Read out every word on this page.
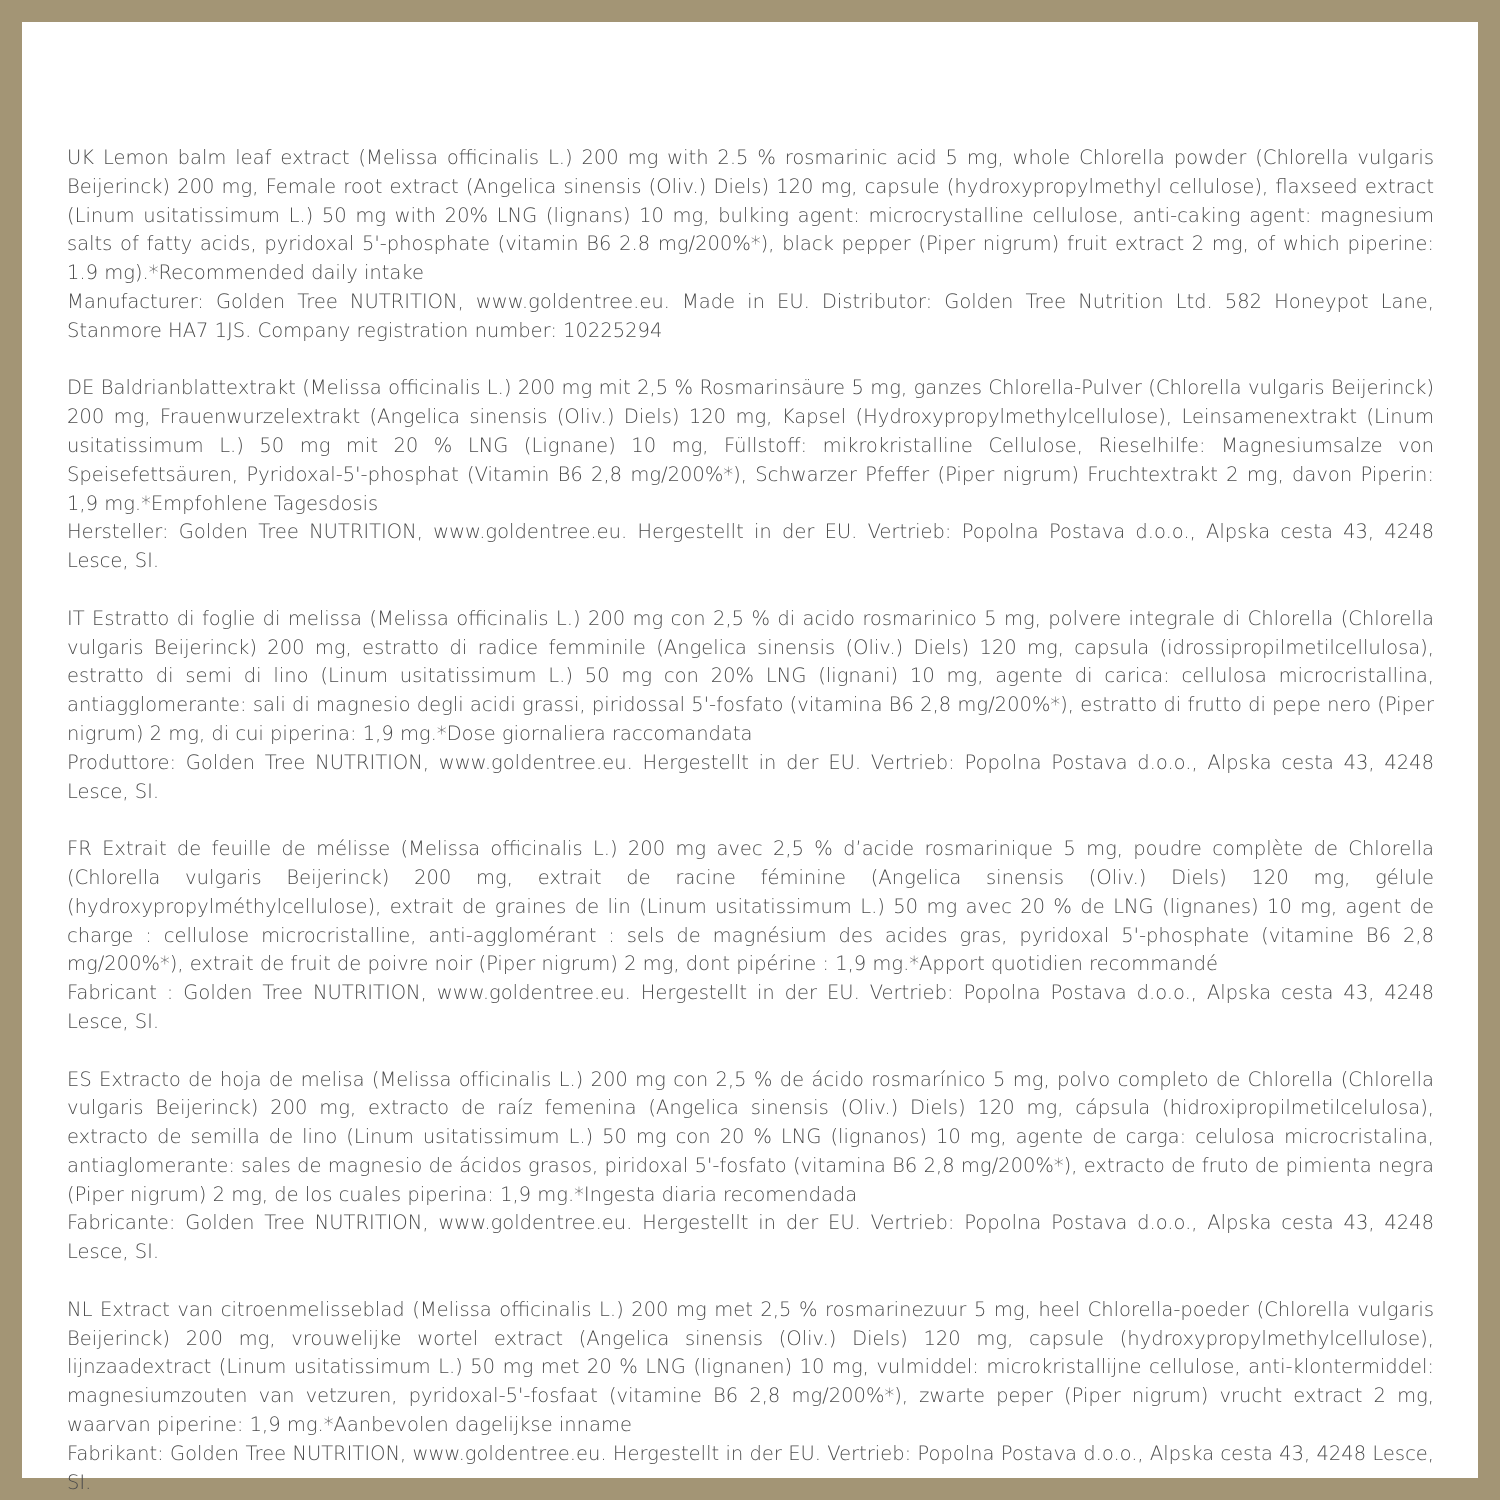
UK Lemon balm leaf extract (Melissa officinalis L.) 200 mg with 2.5 % rosmarinic acid 5 mg, whole Chlorella powder (Chlorella vulgaris Beijerinck) 200 mg, Female root extract (Angelica sinensis (Oliv.) Diels) 120 mg, capsule (hydroxypropylmethyl cellulose), flaxseed extract (Linum usitatissimum L.) 50 mg with 20% LNG (lignans) 10 mg, bulking agent: microcrystalline cellulose, anti-caking agent: magnesium salts of fatty acids, pyridoxal 5'-phosphate (vitamin B6 2.8 mg/200%*), black pepper (Piper nigrum) fruit extract 2 mg, of which piperine: 1.9 mg).*Recommended daily intake

Manufacturer: Golden Tree NUTRITION, www.goldentree.eu. Made in EU. Distributor: Golden Tree Nutrition Ltd. 582 Honeypot Lane, Stanmore HA7 1JS. Company registration number: 10225294

DE Baldrianblattextrakt (Melissa officinalis L.) 200 mg mit 2,5 % Rosmarinsäure 5 mg, ganzes Chlorella-Pulver (Chlorella vulgaris Beijerinck) 200 mg, Frauenwurzelextrakt (Angelica sinensis (Oliv.) Diels) 120 mg, Kapsel (Hydroxypropylmethylcellulose), Leinsamenextrakt (Linum usitatissimum L.) 50 mg mit 20 % LNG (Lignane) 10 mg, Füllstoff: mikrokristalline Cellulose, Rieselhilfe: Magnesiumsalze von Speisefettsäuren, Pyridoxal-5'-phosphat (Vitamin B6 2,8 mg/200%*), Schwarzer Pfeffer (Piper nigrum) Fruchtextrakt 2 mg, davon Piperin: 1,9 mg.*Empfohlene Tagesdosis

Hersteller: Golden Tree NUTRITION, www.goldentree.eu. Hergestellt in der EU. Vertrieb: Popolna Postava d.o.o., Alpska cesta 43, 4248 Lesce, SI.

IT Estratto di foglie di melissa (Melissa officinalis L.) 200 mg con 2,5 % di acido rosmarinico 5 mg, polvere integrale di Chlorella (Chlorella vulgaris Beijerinck) 200 mg, estratto di radice femminile (Angelica sinensis (Oliv.) Diels) 120 mg, capsula (idrossipropilmetilcellulosa), estratto di semi di lino (Linum usitatissimum L.) 50 mg con 20% LNG (lignani) 10 mg, agente di carica: cellulosa microcristallina, antiagglomerante: sali di magnesio degli acidi grassi, piridossal 5'-fosfato (vitamina B6 2,8 mg/200%*), estratto di frutto di pepe nero (Piper nigrum) 2 mg, di cui piperina: 1,9 mg.*Dose giornaliera raccomandata

Produttore: Golden Tree NUTRITION, www.goldentree.eu. Hergestellt in der EU. Vertrieb: Popolna Postava d.o.o., Alpska cesta 43, 4248 Lesce, SI.

FR Extrait de feuille de mélisse (Melissa officinalis L.) 200 mg avec 2,5 % d’acide rosmarinique 5 mg, poudre complète de Chlorella (Chlorella vulgaris Beijerinck) 200 mg, extrait de racine féminine (Angelica sinensis (Oliv.) Diels) 120 mg, gélule (hydroxypropylméthylcellulose), extrait de graines de lin (Linum usitatissimum L.) 50 mg avec 20 % de LNG (lignanes) 10 mg, agent de charge : cellulose microcristalline, anti-agglomérant : sels de magnésium des acides gras, pyridoxal 5'-phosphate (vitamine B6 2,8 mg/200%*), extrait de fruit de poivre noir (Piper nigrum) 2 mg, dont pipérine : 1,9 mg.*Apport quotidien recommandé

Fabricant : Golden Tree NUTRITION, www.goldentree.eu. Hergestellt in der EU. Vertrieb: Popolna Postava d.o.o., Alpska cesta 43, 4248 Lesce, SI.

ES Extracto de hoja de melisa (Melissa officinalis L.) 200 mg con 2,5 % de ácido rosmarínico 5 mg, polvo completo de Chlorella (Chlorella vulgaris Beijerinck) 200 mg, extracto de raíz femenina (Angelica sinensis (Oliv.) Diels) 120 mg, cápsula (hidroxipropilmetilcelulosa), extracto de semilla de lino (Linum usitatissimum L.) 50 mg con 20 % LNG (lignanos) 10 mg, agente de carga: celulosa microcristalina, antiaglomerante: sales de magnesio de ácidos grasos, piridoxal 5'-fosfato (vitamina B6 2,8 mg/200%*), extracto de fruto de pimienta negra (Piper nigrum) 2 mg, de los cuales piperina: 1,9 mg.*Ingesta diaria recomendada

Fabricante: Golden Tree NUTRITION, www.goldentree.eu. Hergestellt in der EU. Vertrieb: Popolna Postava d.o.o., Alpska cesta 43, 4248 Lesce, SI.

NL Extract van citroenmelisseblad (Melissa officinalis L.) 200 mg met 2,5 % rosmarinezuur 5 mg, heel Chlorella-poeder (Chlorella vulgaris Beijerinck) 200 mg, vrouwelijke wortel extract (Angelica sinensis (Oliv.) Diels) 120 mg, capsule (hydroxypropylmethylcellulose), lijnzaadextract (Linum usitatissimum L.) 50 mg met 20 % LNG (lignanen) 10 mg, vulmiddel: microkristallijne cellulose, anti-klontermiddel: magnesiumzouten van vetzuren, pyridoxal-5'-fosfaat (vitamine B6 2,8 mg/200%*), zwarte peper (Piper nigrum) vrucht extract 2 mg, waarvan piperine: 1,9 mg.*Aanbevolen dagelijkse inname

Fabrikant: Golden Tree NUTRITION, www.goldentree.eu. Hergestellt in der EU. Vertrieb: Popolna Postava d.o.o., Alpska cesta 43, 4248 Lesce, SI.
